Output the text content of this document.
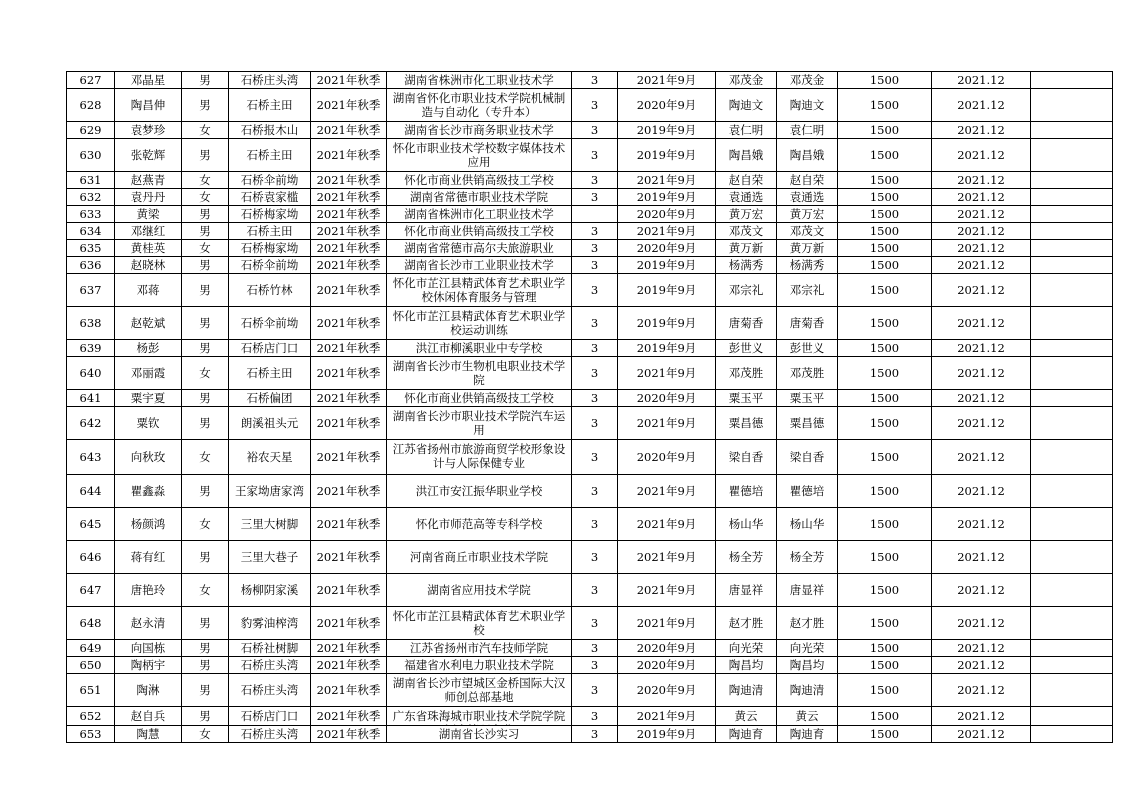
627	邓晶星	男	石桥庄头湾	2021年秋季	湖南省株洲市化工职业技术学	3	2021年9月	邓茂金	邓茂金	1500	2021.12	
628	陶昌伸	男	石桥主田	2021年秋季	湖南省怀化市职业技术学院机械制造与自动化（专升本）	3	2020年9月	陶迪文	陶迪文	1500	2021.12	
629	袁梦珍	女	石桥报木山	2021年秋季	湖南省长沙市商务职业技术学	3	2019年9月	袁仁明	袁仁明	1500	2021.12	
630	张乾辉	男	石桥主田	2021年秋季	怀化市职业技术学校数字媒体技术应用	3	2019年9月	陶昌娥	陶昌娥	1500	2021.12	
631	赵燕青	女	石桥伞前坳	2021年秋季	怀化市商业供销高级技工学校	3	2021年9月	赵自荣	赵自荣	1500	2021.12	
632	袁丹丹	女	石桥袁家槛	2021年秋季	湖南省常德市职业技术学院	3	2019年9月	袁通选	袁通选	1500	2021.12	
633	黄梁	男	石桥梅家坳	2021年秋季	湖南省株洲市化工职业技术学		2020年9月	黄万宏	黄万宏	1500	2021.12	
634	邓继红	男	石桥主田	2021年秋季	怀化市商业供销高级技工学校	3	2021年9月	邓茂文	邓茂文	1500	2021.12	
635	黄桂英	女	石桥梅家坳	2021年秋季	湖南省常德市高尔夫旅游职业	3	2020年9月	黄万新	黄万新	1500	2021.12	
636	赵晓林	男	石桥伞前坳	2021年秋季	湖南省长沙市工业职业技术学	3	2019年9月	杨满秀	杨满秀	1500	2021.12	
637	邓蒋	男	石桥竹林	2021年秋季	怀化市芷江县精武体育艺术职业学校休闲体育服务与管理	3	2019年9月	邓宗礼	邓宗礼	1500	2021.12	
638	赵乾斌	男	石桥伞前坳	2021年秋季	怀化市芷江县精武体育艺术职业学校运动训练	3	2019年9月	唐菊香	唐菊香	1500	2021.12	
639	杨彭	男	石桥店门口	2021年秋季	洪江市柳溪职业中专学校	3	2019年9月	彭世义	彭世义	1500	2021.12	
640	邓丽霞	女	石桥主田	2021年秋季	湖南省长沙市生物机电职业技术学院	3	2021年9月	邓茂胜	邓茂胜	1500	2021.12	
641	粟宇夏	男	石桥偏团	2021年秋季	怀化市商业供销高级技工学校	3	2020年9月	粟玉平	粟玉平	1500	2021.12	
642	粟钦	男	朗溪祖头元	2021年秋季	湖南省长沙市职业技术学院汽车运用	3	2021年9月	粟昌德	粟昌德	1500	2021.12	
643	向秋玫	女	裕农天星	2021年秋季	江苏省扬州市旅游商贸学校形象设计与人际保健专业	3	2020年9月	梁自香	梁自香	1500	2021.12	
644	瞿鑫淼	男	王家坳唐家湾	2021年秋季	洪江市安江振华职业学校	3	2021年9月	瞿德培	瞿德培	1500	2021.12	
645	杨颜鸿	女	三里大树脚	2021年秋季	怀化市师范高等专科学校	3	2021年9月	杨山华	杨山华	1500	2021.12	
646	蒋有红	男	三里大巷子	2021年秋季	河南省商丘市职业技术学院	3	2021年9月	杨全芳	杨全芳	1500	2021.12	
647	唐艳玲	女	杨柳阴家溪	2021年秋季	湖南省应用技术学院	3	2021年9月	唐显祥	唐显祥	1500	2021.12	
648	赵永清	男	豹雾油榨湾	2021年秋季	怀化市芷江县精武体育艺术职业学校	3	2021年9月	赵才胜	赵才胜	1500	2021.12	
649	向国栋	男	石桥社树脚	2021年秋季	江苏省扬州市汽车技师学院	3	2020年9月	向光荣	向光荣	1500	2021.12	
650	陶柄宇	男	石桥庄头湾	2021年秋季	福建省水利电力职业技术学院	3	2020年9月	陶昌均	陶昌均	1500	2021.12	
651	陶淋	男	石桥庄头湾	2021年秋季	湖南省长沙市望城区金桥国际大汉师创总部基地	3	2020年9月	陶迪清	陶迪清	1500	2021.12	
652	赵自兵	男	石桥店门口	2021年秋季	广东省珠海城市职业技术学院学院	3	2021年9月	黄云	黄云	1500	2021.12	
653	陶慧	女	石桥庄头湾	2021年秋季	湖南省长沙实习	3	2019年9月	陶迪育	陶迪育	1500	2021.12	
